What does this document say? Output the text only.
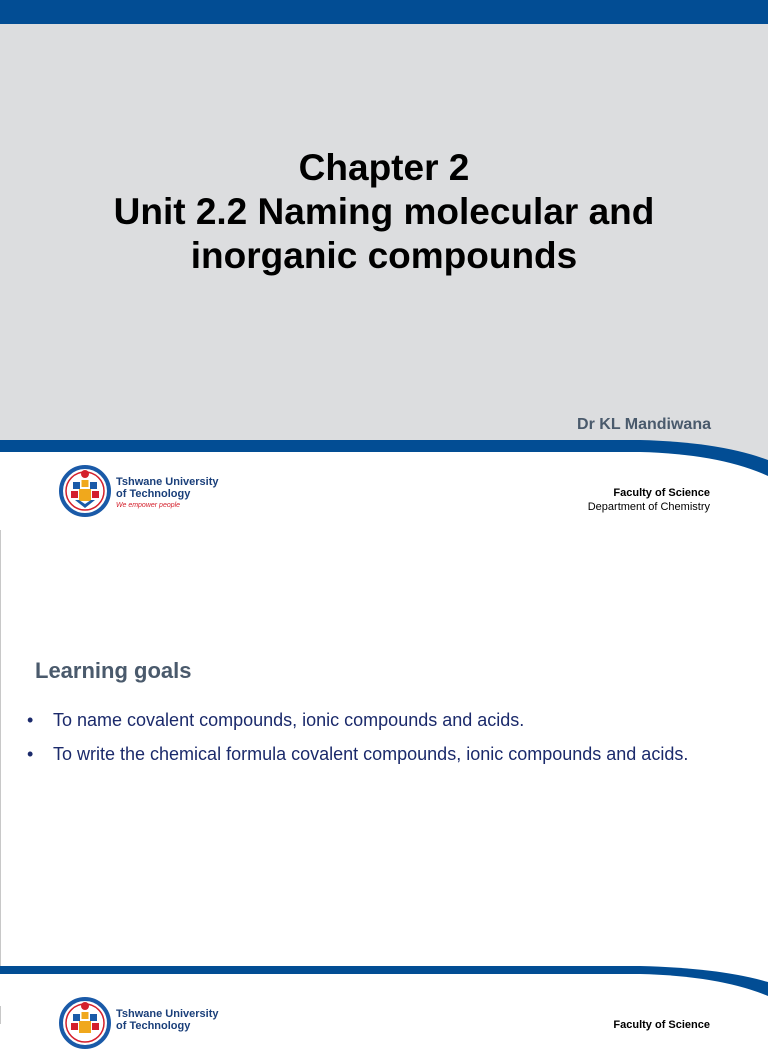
Chapter 2
Unit 2.2 Naming molecular and
inorganic compounds
Dr KL Mandiwana
Tshwane University
of Technology
We empower people
Faculty of Science
Department of Chemistry
Learning goals
• To name covalent compounds, ionic compounds and acids.
• To write the chemical formula covalent compounds, ionic compounds and acids.
Tshwane University
of Technology	Faculty of Science
